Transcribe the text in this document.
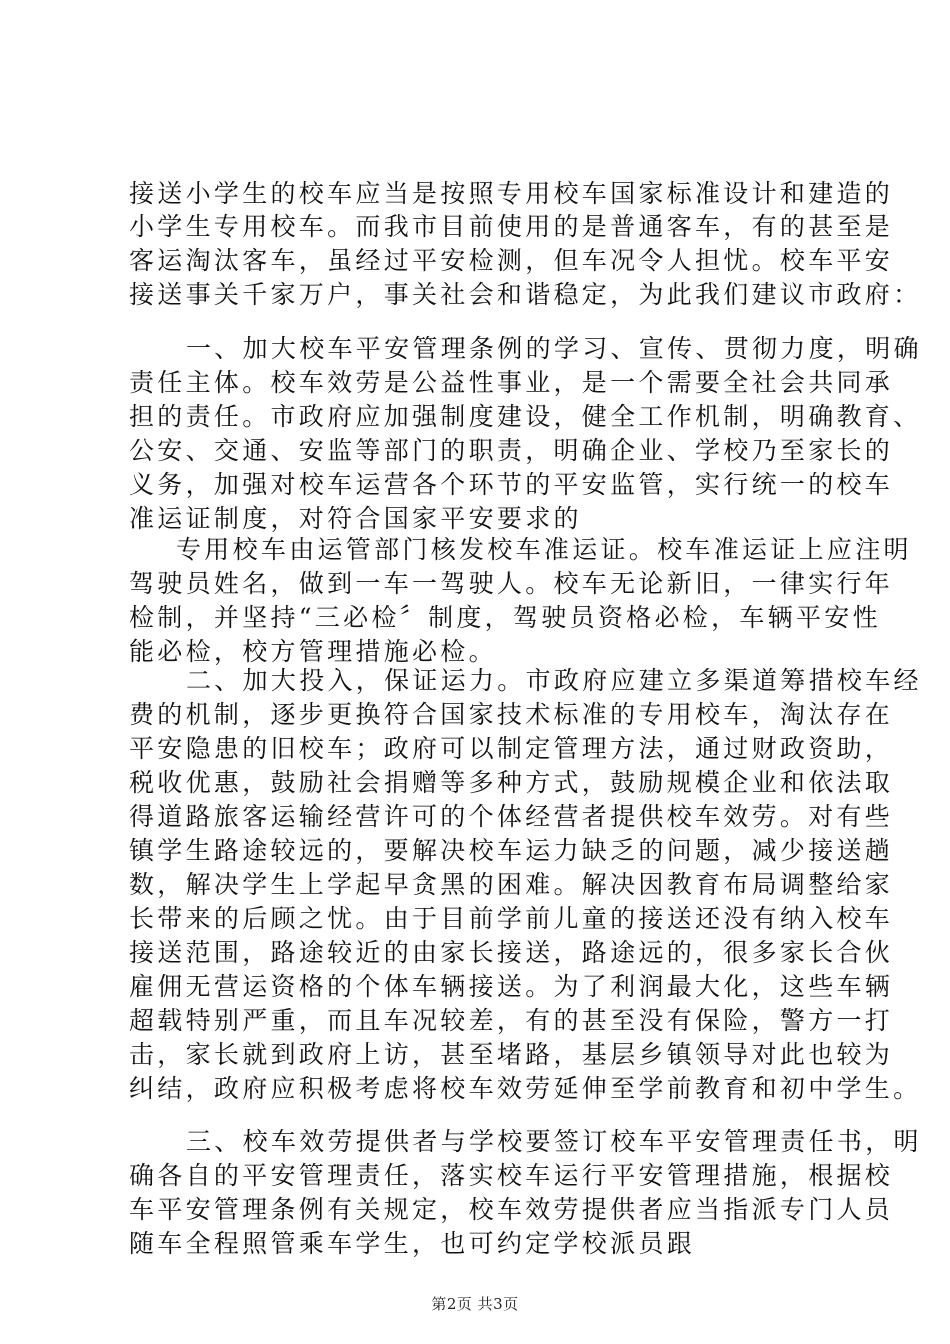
接送小学生的校车应当是按照专用校车国家标准设计和建造的
小学生专用校车。而我市目前使用的是普通客车，有的甚至是
客运淘汰客车，虽经过平安检测，但车况令人担忧。校车平安
接送事关千家万户，事关社会和谐稳定，为此我们建议市政府：
一、加大校车平安管理条例的学习、宣传、贯彻力度，明确
责任主体。校车效劳是公益性事业，是一个需要全社会共同承
担的责任。市政府应加强制度建设，健全工作机制，明确教育、
公安、交通、安监等部门的职责，明确企业、学校乃至家长的
义务，加强对校车运营各个环节的平安监管，实行统一的校车
准运证制度，对符合国家平安要求的
专用校车由运管部门核发校车准运证。校车准运证上应注明
驾驶员姓名，做到一车一驾驶人。校车无论新旧，一律实行年
检制，并坚持“三必检〞制度，驾驶员资格必检，车辆平安性
能必检，校方管理措施必检。
二、加大投入，保证运力。市政府应建立多渠道筹措校车经
费的机制，逐步更换符合国家技术标准的专用校车，淘汰存在
平安隐患的旧校车；政府可以制定管理方法，通过财政资助，
税收优惠，鼓励社会捐赠等多种方式，鼓励规模企业和依法取
得道路旅客运输经营许可的个体经营者提供校车效劳。对有些
镇学生路途较远的，要解决校车运力缺乏的问题，减少接送趟
数，解决学生上学起早贪黑的困难。解决因教育布局调整给家
长带来的后顾之忧。由于目前学前儿童的接送还没有纳入校车
接送范围，路途较近的由家长接送，路途远的，很多家长合伙
雇佣无营运资格的个体车辆接送。为了利润最大化，这些车辆
超载特别严重，而且车况较差，有的甚至没有保险，警方一打
击，家长就到政府上访，甚至堵路，基层乡镇领导对此也较为
纠结，政府应积极考虑将校车效劳延伸至学前教育和初中学生。
三、校车效劳提供者与学校要签订校车平安管理责任书，明
确各自的平安管理责任，落实校车运行平安管理措施，根据校
车平安管理条例有关规定，校车效劳提供者应当指派专门人员
随车全程照管乘车学生，也可约定学校派员跟
第2页 共3页
